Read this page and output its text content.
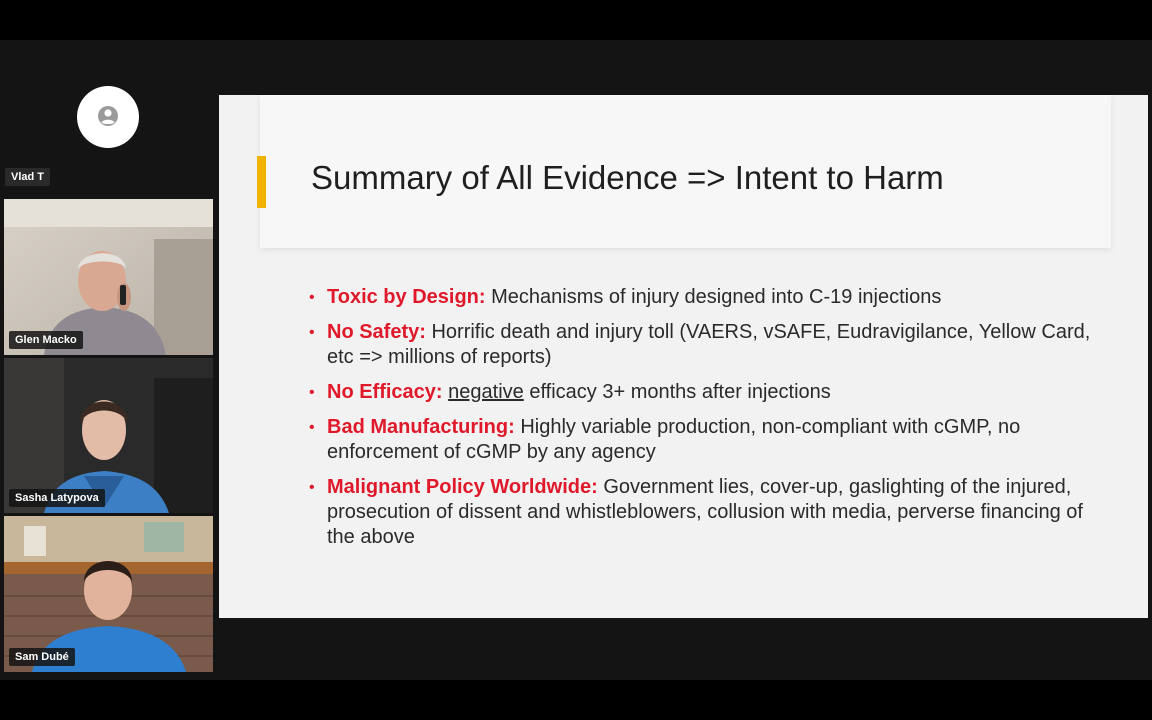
Vlad T
Glen Macko
Sasha Latypova
Sam Dubé
Summary of All Evidence => Intent to Harm
• Toxic by Design: Mechanisms of injury designed into C-19 injections
• No Safety: Horrific death and injury toll (VAERS, vSAFE, Eudravigilance, Yellow Card, etc => millions of reports)
• No Efficacy: negative efficacy 3+ months after injections
• Bad Manufacturing: Highly variable production, non-compliant with cGMP, no enforcement of cGMP by any agency
• Malignant Policy Worldwide: Government lies, cover-up, gaslighting of the injured, prosecution of dissent and whistleblowers, collusion with media, perverse financing of the above
